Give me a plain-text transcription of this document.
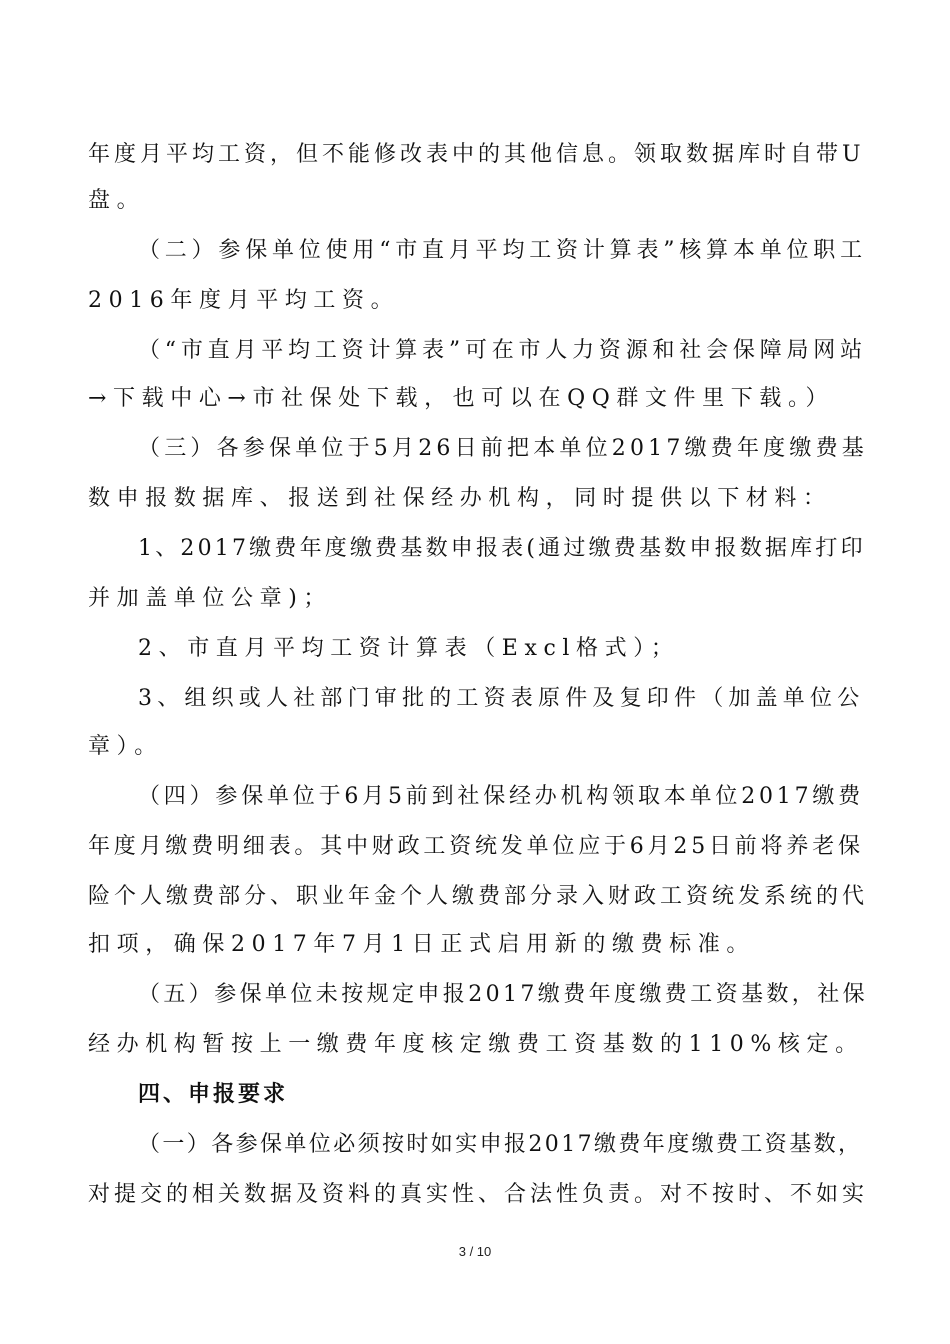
年度月平均工资，但不能修改表中的其他信息。领取数据库时自带U
盘。
（二）参保单位使用“市直月平均工资计算表”核算本单位职工
2016年度月平均工资。
（“市直月平均工资计算表”可在市人力资源和社会保障局网站
→下载中心→市社保处下载，也可以在QQ群文件里下载。）
（三）各参保单位于5月26日前把本单位2017缴费年度缴费基
数申报数据库、报送到社保经办机构，同时提供以下材料：
1、2017缴费年度缴费基数申报表(通过缴费基数申报数据库打印
并加盖单位公章)；
2、市直月平均工资计算表（Excl格式）；
3、组织或人社部门审批的工资表原件及复印件（加盖单位公
章）。
（四）参保单位于6月5前到社保经办机构领取本单位2017缴费
年度月缴费明细表。其中财政工资统发单位应于6月25日前将养老保
险个人缴费部分、职业年金个人缴费部分录入财政工资统发系统的代
扣项，确保2017年7月1日正式启用新的缴费标准。
（五）参保单位未按规定申报2017缴费年度缴费工资基数，社保
经办机构暂按上一缴费年度核定缴费工资基数的110%核定。
四、申报要求
（一）各参保单位必须按时如实申报2017缴费年度缴费工资基数，
对提交的相关数据及资料的真实性、合法性负责。对不按时、不如实
3 / 10
